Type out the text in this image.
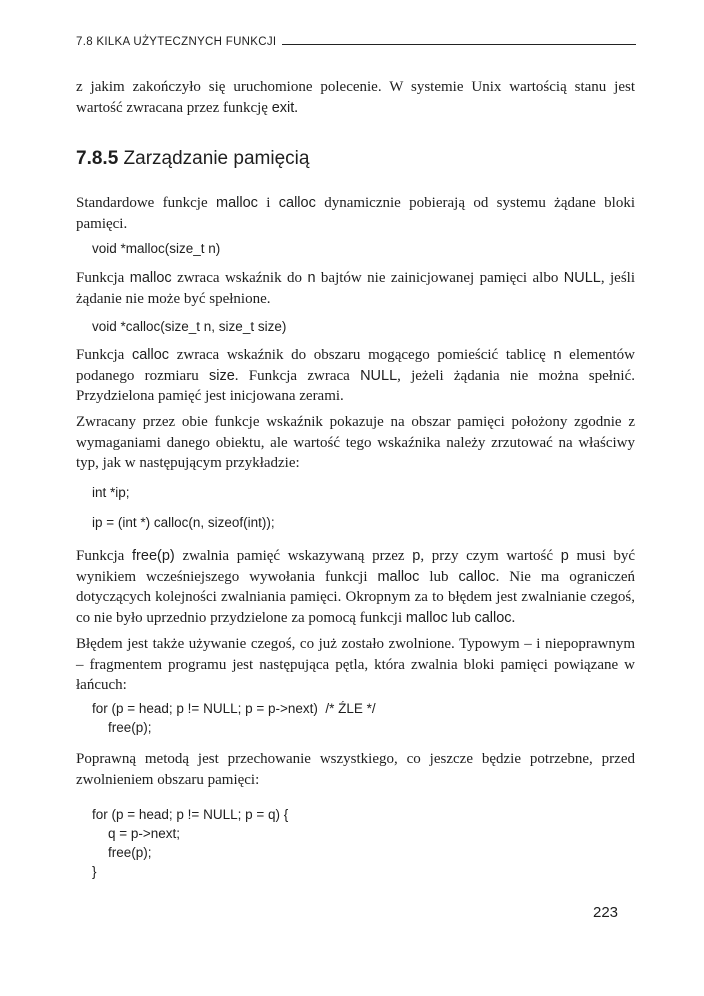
7.8 KILKA UŻYTECZNYCH FUNKCJI

z jakim zakończyło się uruchomione polecenie. W systemie Unix wartością stanu jest wartość zwracana przez funkcję exit.

7.8.5 Zarządzanie pamięcią

Standardowe funkcje malloc i calloc dynamicznie pobierają od systemu żądane bloki pamięci.

void *malloc(size_t n)

Funkcja malloc zwraca wskaźnik do n bajtów nie zainicjowanej pamięci albo NULL, jeśli żądanie nie może być spełnione.

void *calloc(size_t n, size_t size)

Funkcja calloc zwraca wskaźnik do obszaru mogącego pomieścić tablicę n elementów podanego rozmiaru size. Funkcja zwraca NULL, jeżeli żądania nie można spełnić. Przydzielona pamięć jest inicjowana zerami.

Zwracany przez obie funkcje wskaźnik pokazuje na obszar pamięci położony zgodnie z wymaganiami danego obiektu, ale wartość tego wskaźnika należy zrzutować na właściwy typ, jak w następującym przykładzie:

int *ip;
ip = (int *) calloc(n, sizeof(int));

Funkcja free(p) zwalnia pamięć wskazywaną przez p, przy czym wartość p musi być wynikiem wcześniejszego wywołania funkcji malloc lub calloc. Nie ma ograniczeń dotyczących kolejności zwalniania pamięci. Okropnym za to błędem jest zwalnianie czegoś, co nie było uprzednio przydzielone za pomocą funkcji malloc lub calloc.

Błędem jest także używanie czegoś, co już zostało zwolnione. Typowym – i niepoprawnym – fragmentem programu jest następująca pętla, która zwalnia bloki pamięci powiązane w łańcuch:

for (p = head; p != NULL; p = p->next)  /* ŹLE */
free(p);

Poprawną metodą jest przechowanie wszystkiego, co jeszcze będzie potrzebne, przed zwolnieniem obszaru pamięci:

for (p = head; p != NULL; p = q) {
q = p->next;
free(p);
}
223
